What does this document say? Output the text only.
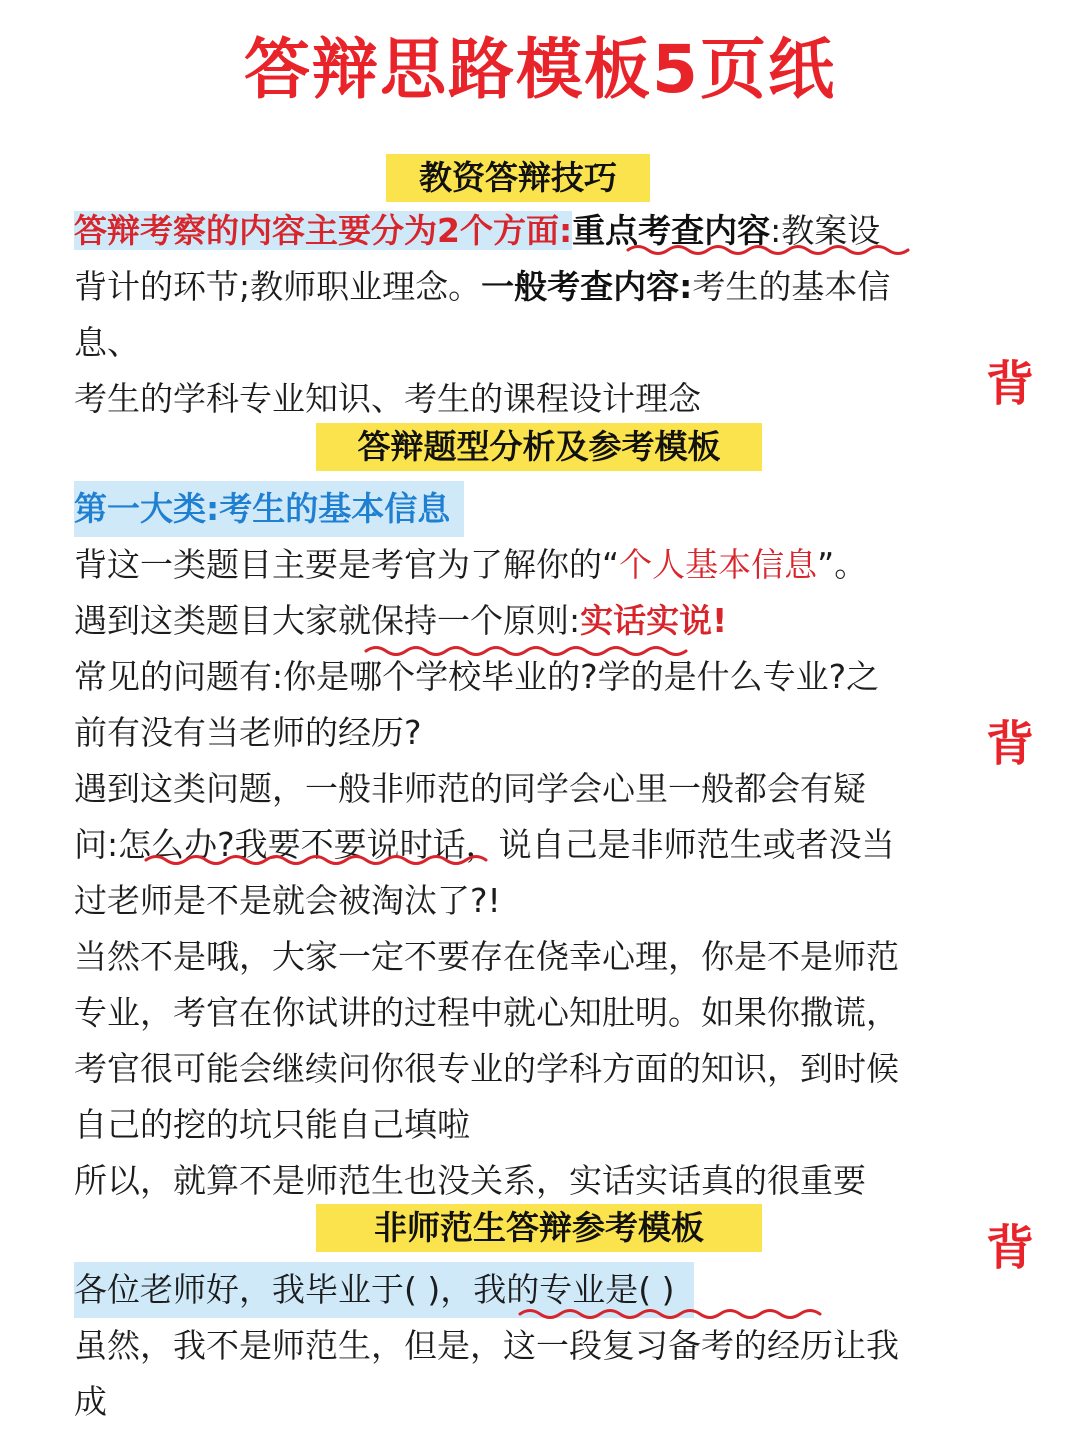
答辩思路模板5页纸
教资答辩技巧
答辩考察的内容主要分为2个方面:重点考查内容:教案设
背计的环节;教师职业理念。一般考查内容:考生的基本信
息、
考生的学科专业知识、考生的课程设计理念	背
答辩题型分析及参考模板
第一大类:考生的基本信息
背这一类题目主要是考官为了解你的“个人基本信息”。
遇到这类题目大家就保持一个原则:实话实说!
常见的问题有:你是哪个学校毕业的?学的是什么专业?之
前有没有当老师的经历?
遇到这类问题，一般非师范的同学会心里一般都会有疑
问:怎么办?我要不要说时话，说自己是非师范生或者没当
过老师是不是就会被淘汰了?!
当然不是哦，大家一定不要存在侥幸心理，你是不是师范
专业，考官在你试讲的过程中就心知肚明。如果你撒谎，
考官很可能会继续问你很专业的学科方面的知识，到时候
自己的挖的坑只能自己填啦
所以，就算不是师范生也没关系，实话实话真的很重要
背
非师范生答辩参考模板
各位老师好，我毕业于( )，我的专业是( )
虽然，我不是师范生，但是，这一段复习备考的经历让我
成
背
